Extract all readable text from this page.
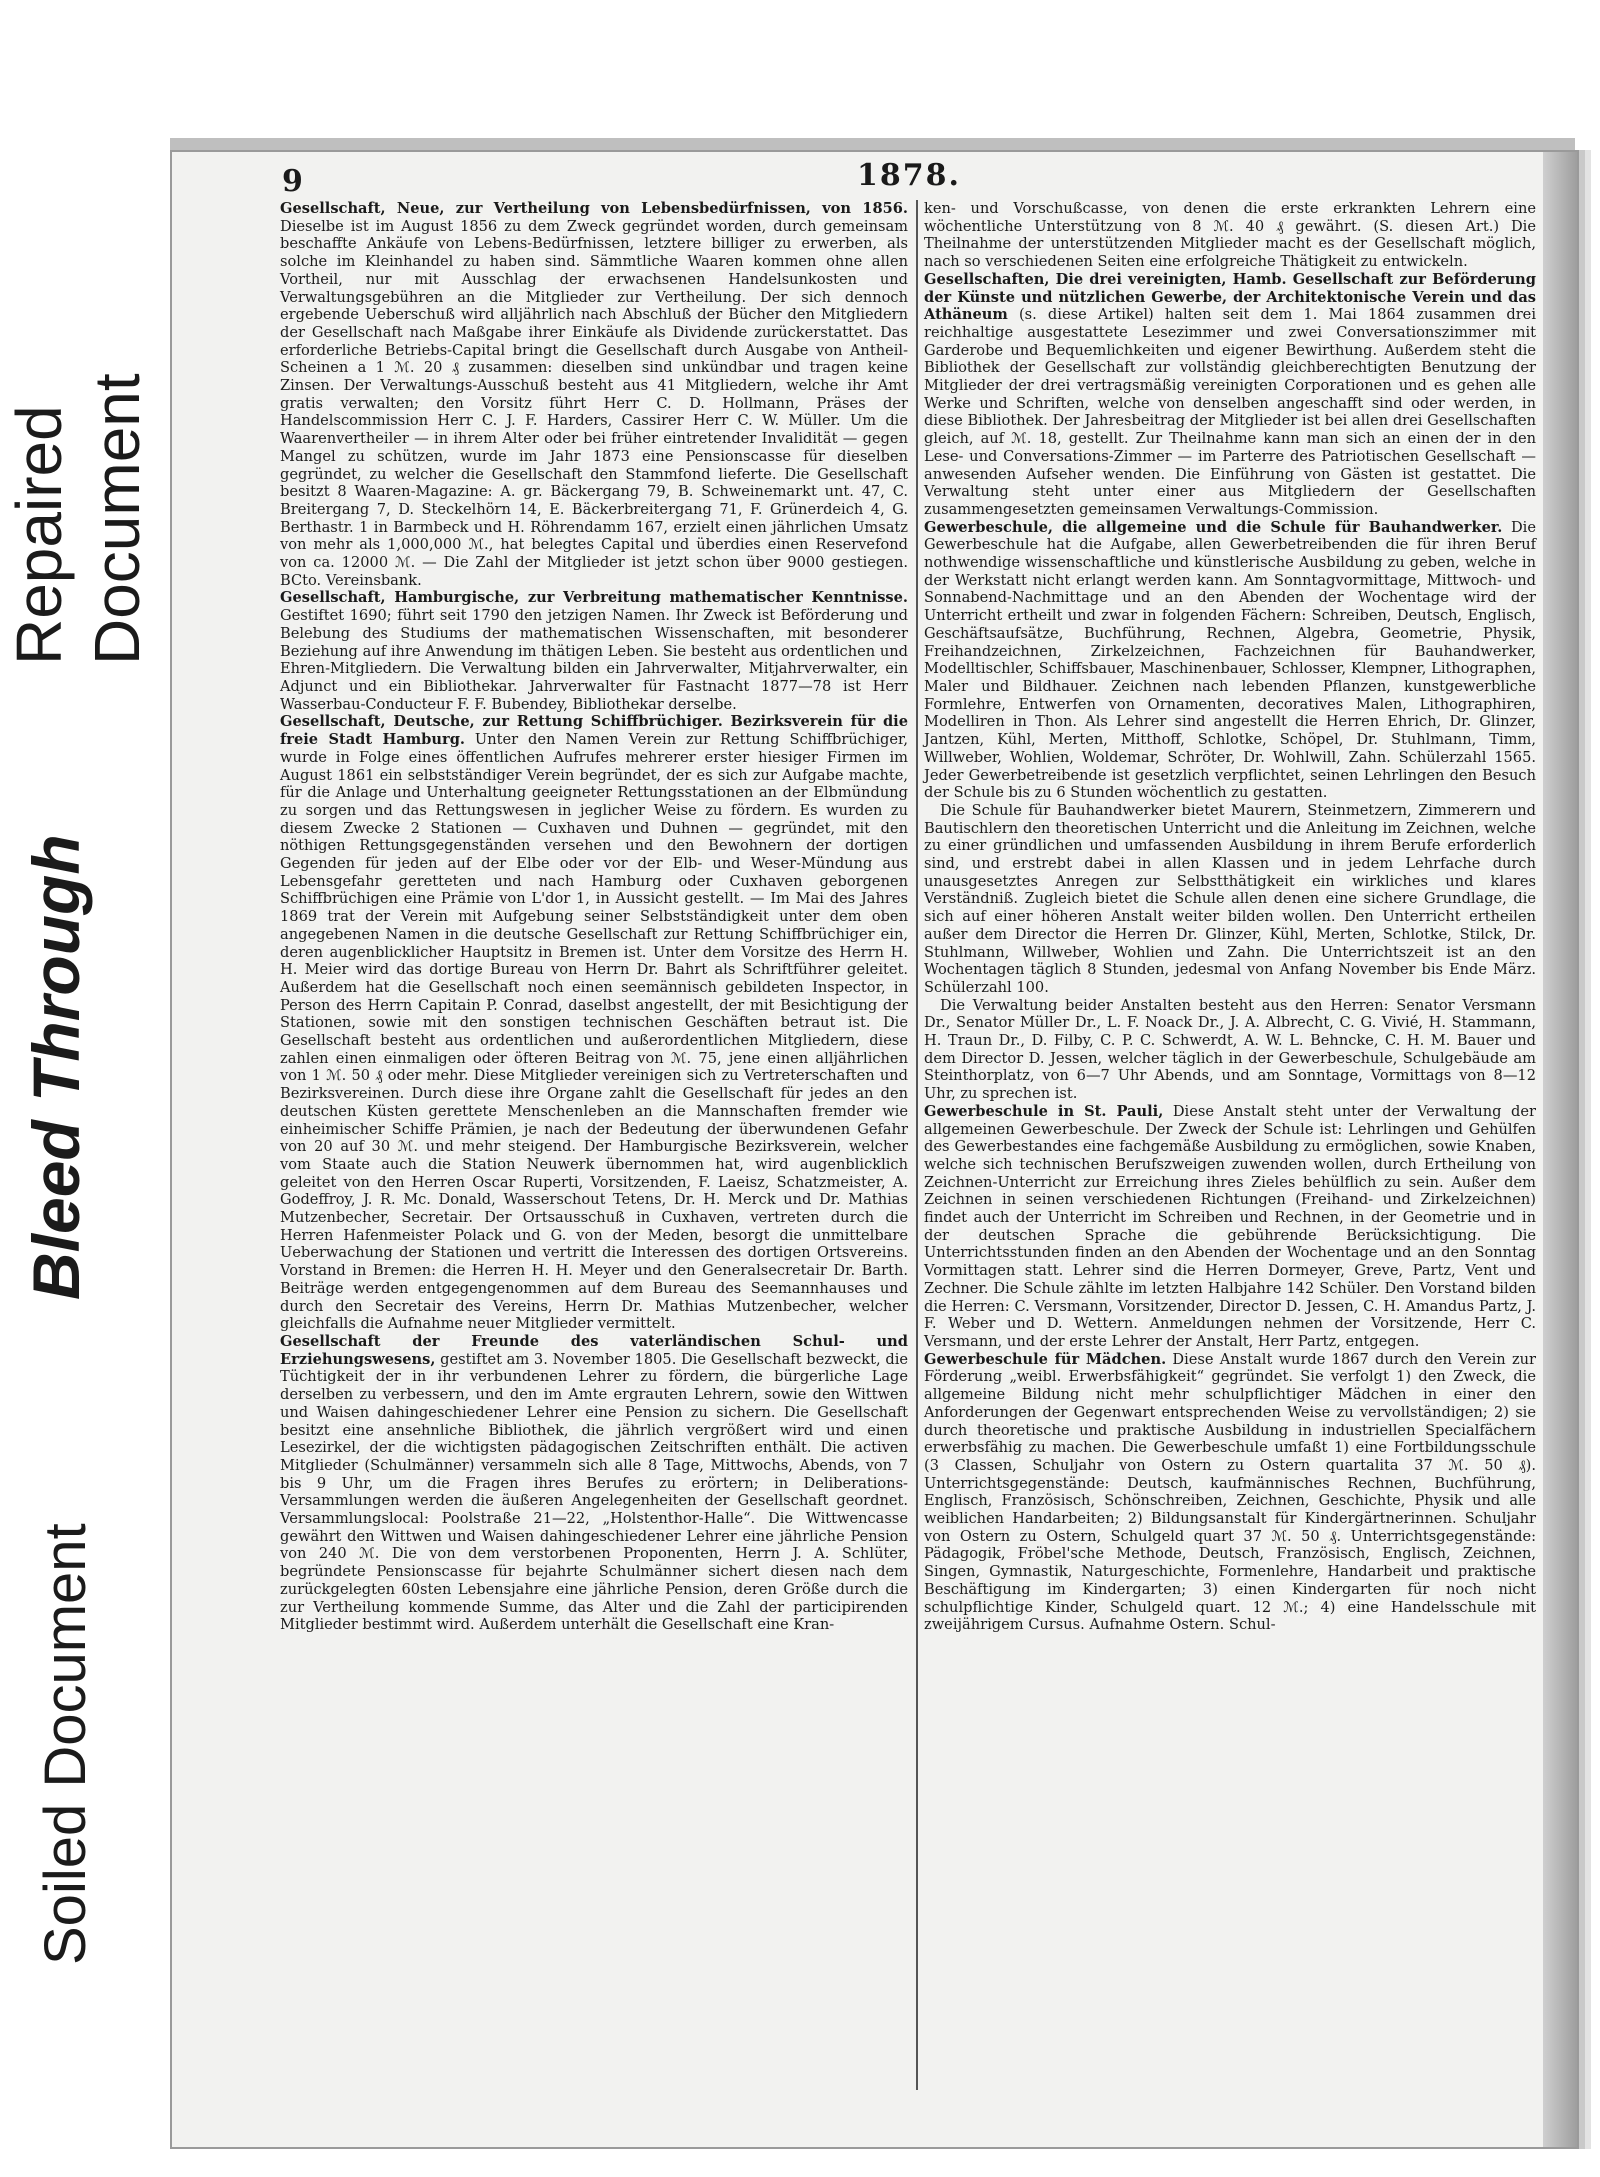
Repaired Document
Bleed Through
Soiled Document
9	1878.

Gesellschaft, Neue, zur Vertheilung von Lebensbedürfnissen, von 1856. Dieselbe ist im August 1856 zu dem Zweck gegründet worden, durch gemeinsam beschaffte Ankäufe von Lebens-Bedürfnissen, letztere billiger zu erwerben, als solche im Kleinhandel zu haben sind. Sämmtliche Waaren kommen ohne allen Vortheil, nur mit Ausschlag der erwachsenen Handelsunkosten und Verwaltungsgebühren an die Mitglieder zur Vertheilung. Der sich dennoch ergebende Ueberschuß wird alljährlich nach Abschluß der Bücher den Mitgliedern der Gesellschaft nach Maßgabe ihrer Einkäufe als Dividende zurückerstattet. Das erforderliche Betriebs-Capital bringt die Gesellschaft durch Ausgabe von Antheil-Scheinen a 1 ℳ. 20 ₰ zusammen: dieselben sind unkündbar und tragen keine Zinsen. Der Verwaltungs-Ausschuß besteht aus 41 Mitgliedern, welche ihr Amt gratis verwalten; den Vorsitz führt Herr C. D. Hollmann, Präses der Handelscommission Herr C. J. F. Harders, Cassirer Herr C. W. Müller. Um die Waarenvertheiler — in ihrem Alter oder bei früher eintretender Invalidität — gegen Mangel zu schützen, wurde im Jahr 1873 eine Pensionscasse für dieselben gegründet, zu welcher die Gesellschaft den Stammfond lieferte. Die Gesellschaft besitzt 8 Waaren-Magazine: A. gr. Bäckergang 79, B. Schweinemarkt unt. 47, C. Breitergang 7, D. Steckelhörn 14, E. Bäckerbreitergang 71, F. Grünerdeich 4, G. Berthastr. 1 in Barmbeck und H. Röhrendamm 167, erzielt einen jährlichen Umsatz von mehr als 1,000,000 ℳ., hat belegtes Capital und überdies einen Reservefond von ca. 12000 ℳ. — Die Zahl der Mitglieder ist jetzt schon über 9000 gestiegen. BCto. Vereinsbank.

Gesellschaft, Hamburgische, zur Verbreitung mathematischer Kenntnisse. Gestiftet 1690; führt seit 1790 den jetzigen Namen. Ihr Zweck ist Beförderung und Belebung des Studiums der mathematischen Wissenschaften, mit besonderer Beziehung auf ihre Anwendung im thätigen Leben. Sie besteht aus ordentlichen und Ehren-Mitgliedern. Die Verwaltung bilden ein Jahrverwalter, Mitjahrverwalter, ein Adjunct und ein Bibliothekar. Jahrverwalter für Fastnacht 1877—78 ist Herr Wasserbau-Conducteur F. F. Bubendey, Bibliothekar derselbe.

Gesellschaft, Deutsche, zur Rettung Schiffbrüchiger. Bezirksverein für die freie Stadt Hamburg. Unter den Namen Verein zur Rettung Schiffbrüchiger, wurde in Folge eines öffentlichen Aufrufes mehrerer erster hiesiger Firmen im August 1861 ein selbstständiger Verein begründet, der es sich zur Aufgabe machte, für die Anlage und Unterhaltung geeigneter Rettungsstationen an der Elbmündung zu sorgen und das Rettungswesen in jeglicher Weise zu fördern. Es wurden zu diesem Zwecke 2 Stationen — Cuxhaven und Duhnen — gegründet, mit den nöthigen Rettungsgegenständen versehen und den Bewohnern der dortigen Gegenden für jeden auf der Elbe oder vor der Elb- und Weser-Mündung aus Lebensgefahr geretteten und nach Hamburg oder Cuxhaven geborgenen Schiffbrüchigen eine Prämie von L'dor 1, in Aussicht gestellt. — Im Mai des Jahres 1869 trat der Verein mit Aufgebung seiner Selbstständigkeit unter dem oben angegebenen Namen in die deutsche Gesellschaft zur Rettung Schiffbrüchiger ein, deren augenblicklicher Hauptsitz in Bremen ist. Unter dem Vorsitze des Herrn H. H. Meier wird das dortige Bureau von Herrn Dr. Bahrt als Schriftführer geleitet. Außerdem hat die Gesellschaft noch einen seemännisch gebildeten Inspector, in Person des Herrn Capitain P. Conrad, daselbst angestellt, der mit Besichtigung der Stationen, sowie mit den sonstigen technischen Geschäften betraut ist. Die Gesellschaft besteht aus ordentlichen und außerordentlichen Mitgliedern, diese zahlen einen einmaligen oder öfteren Beitrag von ℳ. 75, jene einen alljährlichen von 1 ℳ. 50 ₰ oder mehr. Diese Mitglieder vereinigen sich zu Vertreterschaften und Bezirksvereinen. Durch diese ihre Organe zahlt die Gesellschaft für jedes an den deutschen Küsten gerettete Menschenleben an die Mannschaften fremder wie einheimischer Schiffe Prämien, je nach der Bedeutung der überwundenen Gefahr von 20 auf 30 ℳ. und mehr steigend. Der Hamburgische Bezirksverein, welcher vom Staate auch die Station Neuwerk übernommen hat, wird augenblicklich geleitet von den Herren Oscar Ruperti, Vorsitzenden, F. Laeisz, Schatzmeister, A. Godeffroy, J. R. Mc. Donald, Wasserschout Tetens, Dr. H. Merck und Dr. Mathias Mutzenbecher, Secretair. Der Ortsausschuß in Cuxhaven, vertreten durch die Herren Hafenmeister Polack und G. von der Meden, besorgt die unmittelbare Ueberwachung der Stationen und vertritt die Interessen des dortigen Ortsvereins. Vorstand in Bremen: die Herren H. H. Meyer und den Generalsecretair Dr. Barth. Beiträge werden entgegengenommen auf dem Bureau des Seemannhauses und durch den Secretair des Vereins, Herrn Dr. Mathias Mutzenbecher, welcher gleichfalls die Aufnahme neuer Mitglieder vermittelt.

Gesellschaft der Freunde des vaterländischen Schul- und Erziehungswesens, gestiftet am 3. November 1805. Die Gesellschaft bezweckt, die Tüchtigkeit der in ihr verbundenen Lehrer zu fördern, die bürgerliche Lage derselben zu verbessern, und den im Amte ergrauten Lehrern, sowie den Wittwen und Waisen dahingeschiedener Lehrer eine Pension zu sichern. Die Gesellschaft besitzt eine ansehnliche Bibliothek, die jährlich vergrößert wird und einen Lesezirkel, der die wichtigsten pädagogischen Zeitschriften enthält. Die activen Mitglieder (Schulmänner) versammeln sich alle 8 Tage, Mittwochs, Abends, von 7 bis 9 Uhr, um die Fragen ihres Berufes zu erörtern; in Deliberations-Versammlungen werden die äußeren Angelegenheiten der Gesellschaft geordnet. Versammlungslocal: Poolstraße 21—22, „Holstenthor-Halle“. Die Wittwencasse gewährt den Wittwen und Waisen dahingeschiedener Lehrer eine jährliche Pension von 240 ℳ. Die von dem verstorbenen Proponenten, Herrn J. A. Schlüter, begründete Pensionscasse für bejahrte Schulmänner sichert diesen nach dem zurückgelegten 60sten Lebensjahre eine jährliche Pension, deren Größe durch die zur Vertheilung kommende Summe, das Alter und die Zahl der participirenden Mitglieder bestimmt wird. Außerdem unterhält die Gesellschaft eine Kran-

ken- und Vorschußcasse, von denen die erste erkrankten Lehrern eine wöchentliche Unterstützung von 8 ℳ. 40 ₰ gewährt. (S. diesen Art.) Die Theilnahme der unterstützenden Mitglieder macht es der Gesellschaft möglich, nach so verschiedenen Seiten eine erfolgreiche Thätigkeit zu entwickeln.

Gesellschaften, Die drei vereinigten, Hamb. Gesellschaft zur Beförderung der Künste und nützlichen Gewerbe, der Architektonische Verein und das Athäneum (s. diese Artikel) halten seit dem 1. Mai 1864 zusammen drei reichhaltige ausgestattete Lesezimmer und zwei Conversationszimmer mit Garderobe und Bequemlichkeiten und eigener Bewirthung. Außerdem steht die Bibliothek der Gesellschaft zur vollständig gleichberechtigten Benutzung der Mitglieder der drei vertragsmäßig vereinigten Corporationen und es gehen alle Werke und Schriften, welche von denselben angeschafft sind oder werden, in diese Bibliothek. Der Jahresbeitrag der Mitglieder ist bei allen drei Gesellschaften gleich, auf ℳ. 18, gestellt. Zur Theilnahme kann man sich an einen der in den Lese- und Conversations-Zimmer — im Parterre des Patriotischen Gesellschaft — anwesenden Aufseher wenden. Die Einführung von Gästen ist gestattet. Die Verwaltung steht unter einer aus Mitgliedern der Gesellschaften zusammengesetzten gemeinsamen Verwaltungs-Commission.

Gewerbeschule, die allgemeine und die Schule für Bauhandwerker. Die Gewerbeschule hat die Aufgabe, allen Gewerbetreibenden die für ihren Beruf nothwendige wissenschaftliche und künstlerische Ausbildung zu geben, welche in der Werkstatt nicht erlangt werden kann. Am Sonntagvormittage, Mittwoch- und Sonnabend-Nachmittage und an den Abenden der Wochentage wird der Unterricht ertheilt und zwar in folgenden Fächern: Schreiben, Deutsch, Englisch, Geschäftsaufsätze, Buchführung, Rechnen, Algebra, Geometrie, Physik, Freihandzeichnen, Zirkelzeichnen, Fachzeichnen für Bauhandwerker, Modelltischler, Schiffsbauer, Maschinenbauer, Schlosser, Klempner, Lithographen, Maler und Bildhauer. Zeichnen nach lebenden Pflanzen, kunstgewerbliche Formlehre, Entwerfen von Ornamenten, decoratives Malen, Lithographiren, Modelliren in Thon. Als Lehrer sind angestellt die Herren Ehrich, Dr. Glinzer, Jantzen, Kühl, Merten, Mitthoff, Schlotke, Schöpel, Dr. Stuhlmann, Timm, Willweber, Wohlien, Woldemar, Schröter, Dr. Wohlwill, Zahn. Schülerzahl 1565. Jeder Gewerbetreibende ist gesetzlich verpflichtet, seinen Lehrlingen den Besuch der Schule bis zu 6 Stunden wöchentlich zu gestatten.

Die Schule für Bauhandwerker bietet Maurern, Steinmetzern, Zimmerern und Bautischlern den theoretischen Unterricht und die Anleitung im Zeichnen, welche zu einer gründlichen und umfassenden Ausbildung in ihrem Berufe erforderlich sind, und erstrebt dabei in allen Klassen und in jedem Lehrfache durch unausgesetztes Anregen zur Selbstthätigkeit ein wirkliches und klares Verständniß. Zugleich bietet die Schule allen denen eine sichere Grundlage, die sich auf einer höheren Anstalt weiter bilden wollen. Den Unterricht ertheilen außer dem Director die Herren Dr. Glinzer, Kühl, Merten, Schlotke, Stilck, Dr. Stuhlmann, Willweber, Wohlien und Zahn. Die Unterrichtszeit ist an den Wochentagen täglich 8 Stunden, jedesmal von Anfang November bis Ende März. Schülerzahl 100.

Die Verwaltung beider Anstalten besteht aus den Herren: Senator Versmann Dr., Senator Müller Dr., L. F. Noack Dr., J. A. Albrecht, C. G. Vivié, H. Stammann, H. Traun Dr., D. Filby, C. P. C. Schwerdt, A. W. L. Behncke, C. H. M. Bauer und dem Director D. Jessen, welcher täglich in der Gewerbeschule, Schulgebäude am Steinthorplatz, von 6—7 Uhr Abends, und am Sonntage, Vormittags von 8—12 Uhr, zu sprechen ist.

Gewerbeschule in St. Pauli, Diese Anstalt steht unter der Verwaltung der allgemeinen Gewerbeschule. Der Zweck der Schule ist: Lehrlingen und Gehülfen des Gewerbestandes eine fachgemäße Ausbildung zu ermöglichen, sowie Knaben, welche sich technischen Berufszweigen zuwenden wollen, durch Ertheilung von Zeichnen-Unterricht zur Erreichung ihres Zieles behülflich zu sein. Außer dem Zeichnen in seinen verschiedenen Richtungen (Freihand- und Zirkelzeichnen) findet auch der Unterricht im Schreiben und Rechnen, in der Geometrie und in der deutschen Sprache die gebührende Berücksichtigung. Die Unterrichtsstunden finden an den Abenden der Wochentage und an den Sonntag Vormittagen statt. Lehrer sind die Herren Dormeyer, Greve, Partz, Vent und Zechner. Die Schule zählte im letzten Halbjahre 142 Schüler. Den Vorstand bilden die Herren: C. Versmann, Vorsitzender, Director D. Jessen, C. H. Amandus Partz, J. F. Weber und D. Wettern. Anmeldungen nehmen der Vorsitzende, Herr C. Versmann, und der erste Lehrer der Anstalt, Herr Partz, entgegen.

Gewerbeschule für Mädchen. Diese Anstalt wurde 1867 durch den Verein zur Förderung „weibl. Erwerbsfähigkeit“ gegründet. Sie verfolgt 1) den Zweck, die allgemeine Bildung nicht mehr schulpflichtiger Mädchen in einer den Anforderungen der Gegenwart entsprechenden Weise zu vervollständigen; 2) sie durch theoretische und praktische Ausbildung in industriellen Specialfächern erwerbsfähig zu machen. Die Gewerbeschule umfaßt 1) eine Fortbildungsschule (3 Classen, Schuljahr von Ostern zu Ostern quartalita 37 ℳ. 50 ₰). Unterrichtsgegenstände: Deutsch, kaufmännisches Rechnen, Buchführung, Englisch, Französisch, Schönschreiben, Zeichnen, Geschichte, Physik und alle weiblichen Handarbeiten; 2) Bildungsanstalt für Kindergärtnerinnen. Schuljahr von Ostern zu Ostern, Schulgeld quart 37 ℳ. 50 ₰. Unterrichtsgegenstände: Pädagogik, Fröbel'sche Methode, Deutsch, Französisch, Englisch, Zeichnen, Singen, Gymnastik, Naturgeschichte, Formenlehre, Handarbeit und praktische Beschäftigung im Kindergarten; 3) einen Kindergarten für noch nicht schulpflichtige Kinder, Schulgeld quart. 12 ℳ.; 4) eine Handelsschule mit zweijährigem Cursus. Aufnahme Ostern. Schul-
